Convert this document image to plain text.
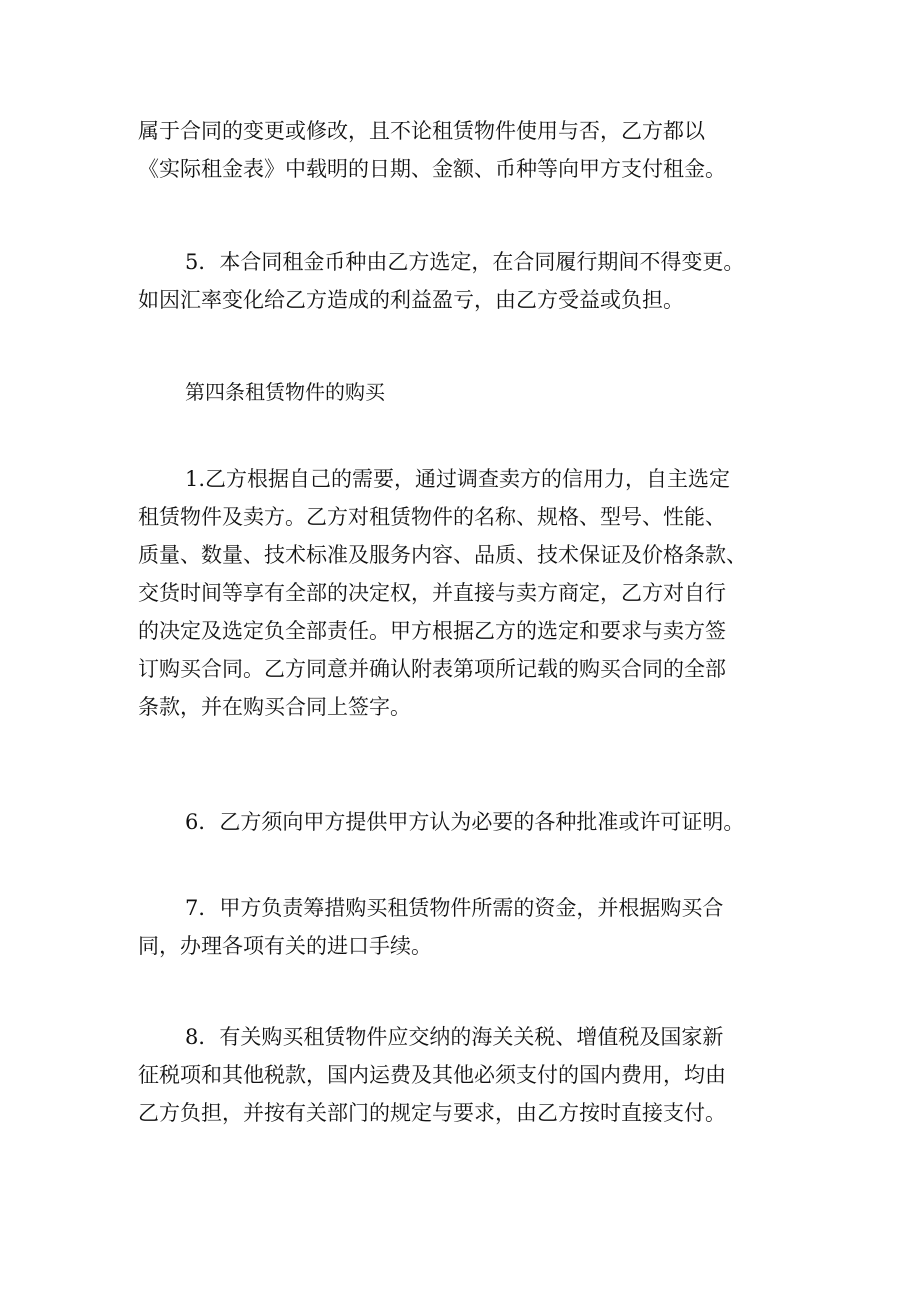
属于合同的变更或修改，且不论租赁物件使用与否，乙方都以
《实际租金表》中载明的日期、金额、币种等向甲方支付租金。

5．本合同租金币种由乙方选定，在合同履行期间不得变更。
如因汇率变化给乙方造成的利益盈亏，由乙方受益或负担。

第四条租赁物件的购买

1.乙方根据自己的需要，通过调查卖方的信用力，自主选定
租赁物件及卖方。乙方对租赁物件的名称、规格、型号、性能、
质量、数量、技术标准及服务内容、品质、技术保证及价格条款、
交货时间等享有全部的决定权，并直接与卖方商定，乙方对自行
的决定及选定负全部责任。甲方根据乙方的选定和要求与卖方签
订购买合同。乙方同意并确认附表第项所记载的购买合同的全部
条款，并在购买合同上签字。

6．乙方须向甲方提供甲方认为必要的各种批准或许可证明。

7．甲方负责筹措购买租赁物件所需的资金，并根据购买合
同，办理各项有关的进口手续。

8．有关购买租赁物件应交纳的海关关税、增值税及国家新
征税项和其他税款，国内运费及其他必须支付的国内费用，均由
乙方负担，并按有关部门的规定与要求，由乙方按时直接支付。
